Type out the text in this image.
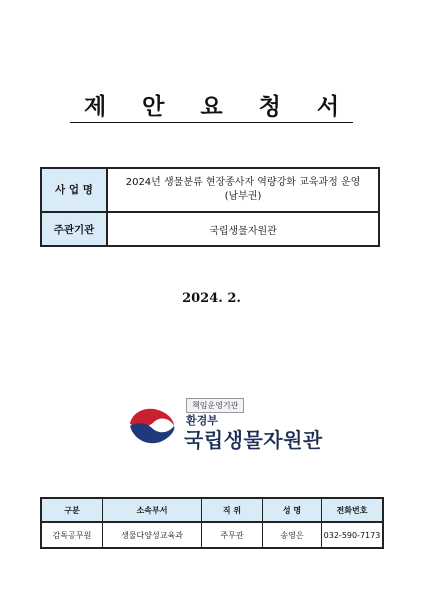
제 안 요 청 서
사 업 명	2024년 생물분류 현장종사자 역량강화 교육과정 운영
(남부권)

주관기관	국립생물자원관
2024. 2.
책임운영기관
환경부
국립생물자원관
구분	소속부서	직 위	성 명	전화번호
감독공무원	생물다양성교육과	주무관	송영은	032-590-7173
